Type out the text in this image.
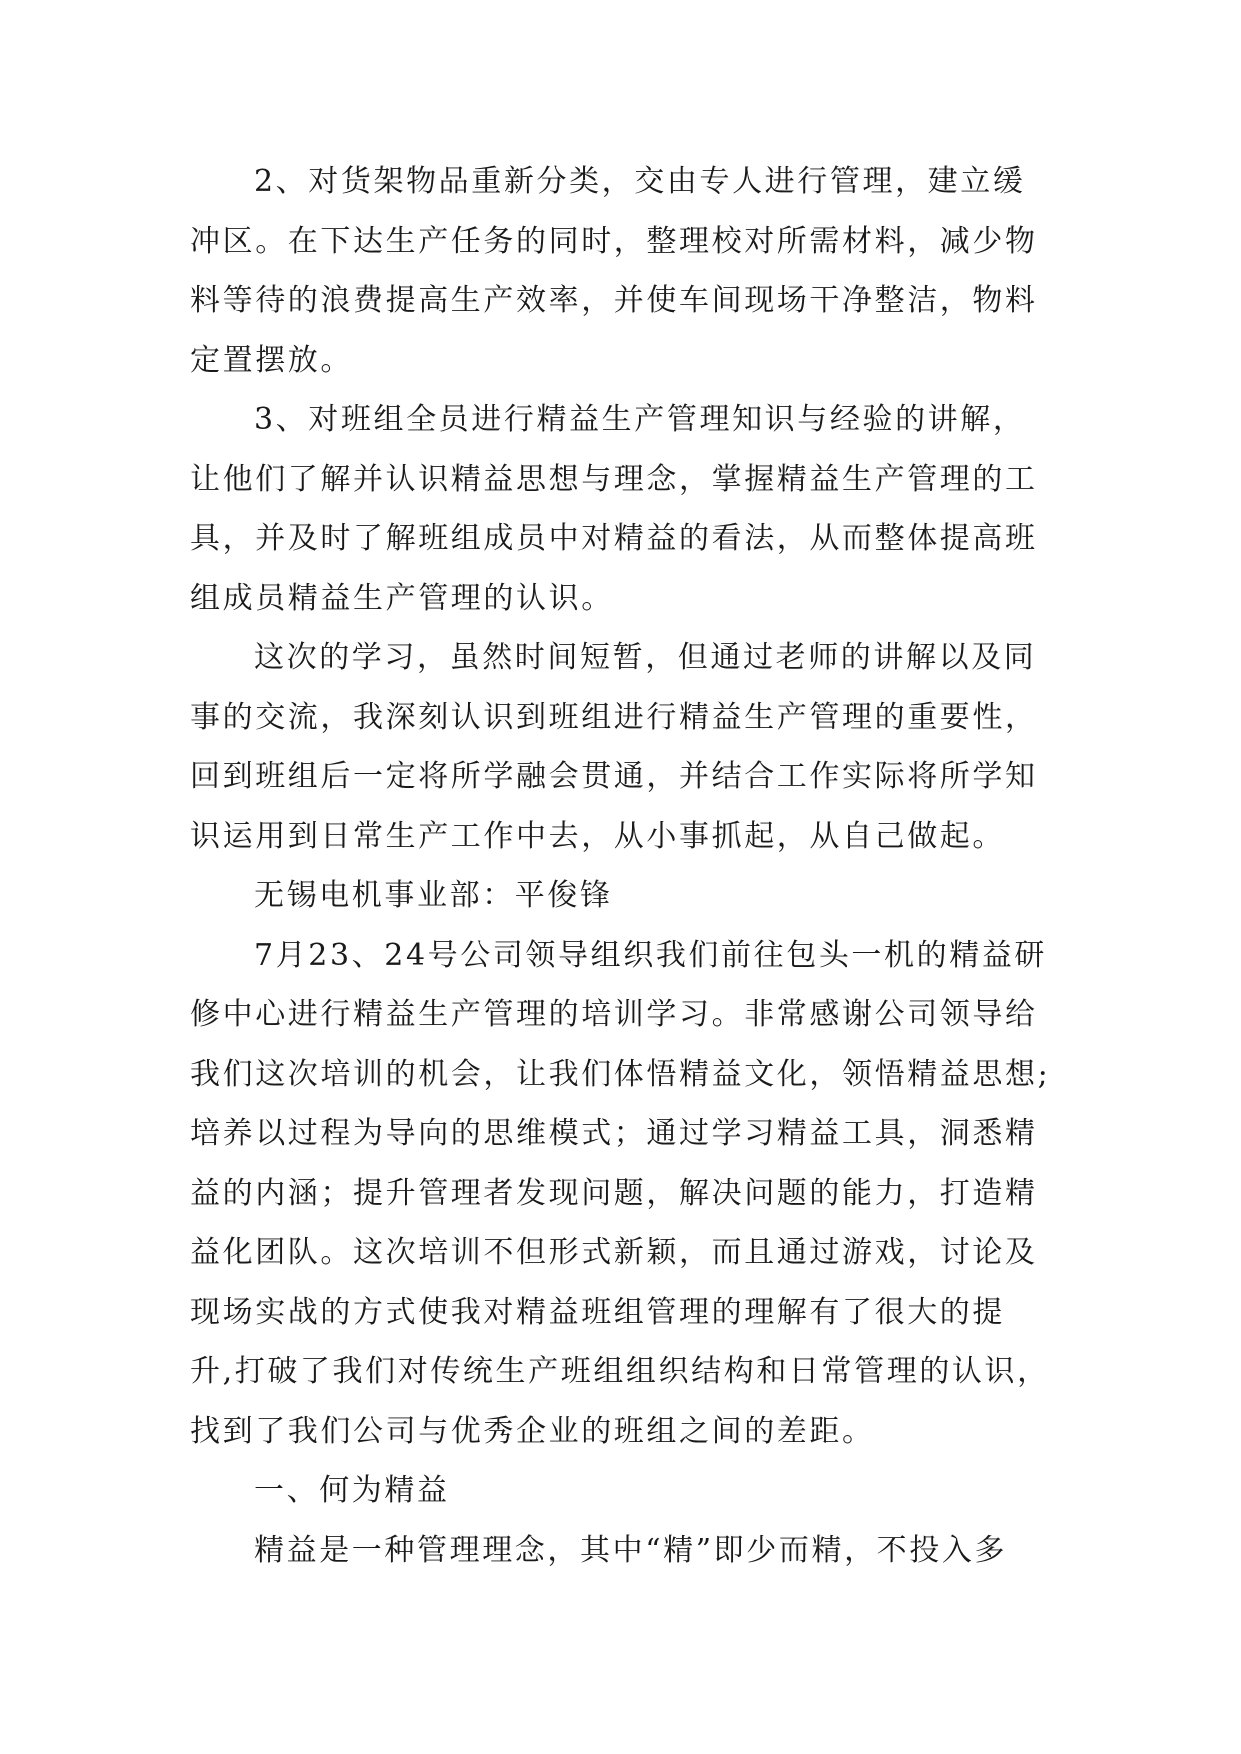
2、对货架物品重新分类，交由专人进行管理，建立缓
冲区。在下达生产任务的同时，整理校对所需材料，减少物
料等待的浪费提高生产效率，并使车间现场干净整洁，物料
定置摆放。
3、对班组全员进行精益生产管理知识与经验的讲解，
让他们了解并认识精益思想与理念，掌握精益生产管理的工
具，并及时了解班组成员中对精益的看法，从而整体提高班
组成员精益生产管理的认识。
这次的学习，虽然时间短暂，但通过老师的讲解以及同
事的交流，我深刻认识到班组进行精益生产管理的重要性，
回到班组后一定将所学融会贯通，并结合工作实际将所学知
识运用到日常生产工作中去，从小事抓起，从自己做起。
无锡电机事业部：平俊锋
7月23、24号公司领导组织我们前往包头一机的精益研
修中心进行精益生产管理的培训学习。非常感谢公司领导给
我们这次培训的机会，让我们体悟精益文化，领悟精益思想;
培养以过程为导向的思维模式；通过学习精益工具，洞悉精
益的内涵；提升管理者发现问题，解决问题的能力，打造精
益化团队。这次培训不但形式新颖，而且通过游戏，讨论及
现场实战的方式使我对精益班组管理的理解有了很大的提
升,打破了我们对传统生产班组组织结构和日常管理的认识，
找到了我们公司与优秀企业的班组之间的差距。
一、何为精益
精益是一种管理理念，其中“精”即少而精，不投入多
